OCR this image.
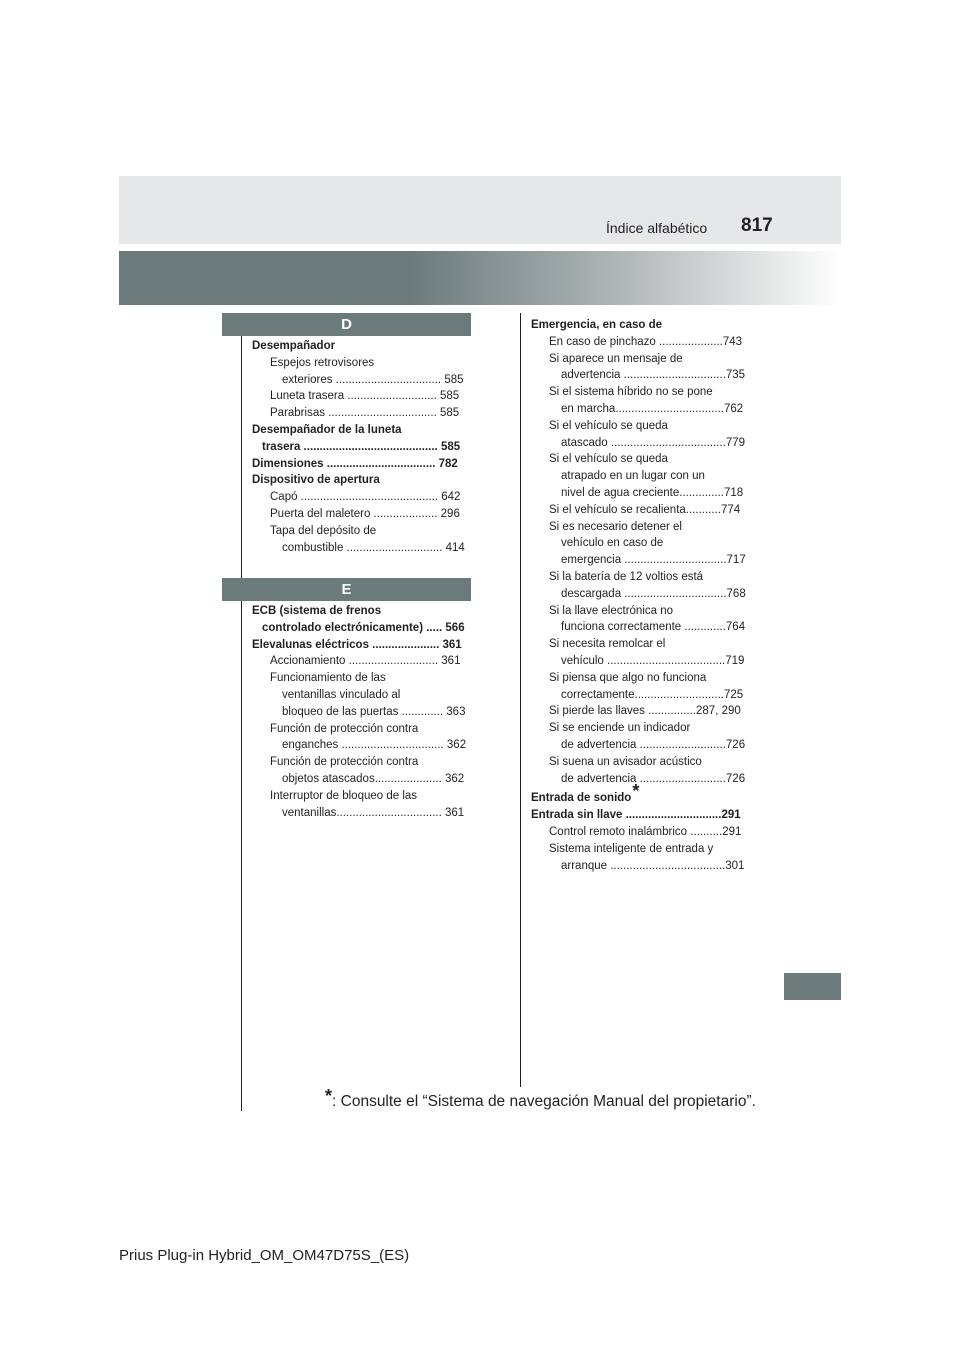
817
Índice alfabético
D
Desempañador
Espejos retrovisores
exteriores ................................. 585
Luneta trasera ............................ 585
Parabrisas .................................. 585
Desempañador de la luneta
trasera .......................................... 585
Dimensiones .................................. 782
Dispositivo de apertura
Capó ........................................... 642
Puerta del maletero .................... 296
Tapa del depósito de
combustible .............................. 414
E
ECB (sistema de frenos
controlado electrónicamente) ..... 566
Elevalunas eléctricos ..................... 361
Accionamiento ............................ 361
Funcionamiento de las
ventanillas vinculado al
bloqueo de las puertas ............. 363
Función de protección contra
enganches ................................ 362
Función de protección contra
objetos atascados..................... 362
Interruptor de bloqueo de las
ventanillas................................. 361
Emergencia, en caso de
En caso de pinchazo ....................743
Si aparece un mensaje de
advertencia ................................735
Si el sistema híbrido no se pone
en marcha..................................762
Si el vehículo se queda
atascado ....................................779
Si el vehículo se queda
atrapado en un lugar con un
nivel de agua creciente..............718
Si el vehículo se recalienta...........774
Si es necesario detener el
vehículo en caso de
emergencia ................................717
Si la batería de 12 voltios está
descargada ................................768
Si la llave electrónica no
funciona correctamente .............764
Si necesita remolcar el
vehículo .....................................719
Si piensa que algo no funciona
correctamente............................725
Si pierde las llaves ...............287, 290
Si se enciende un indicador
de advertencia ...........................726
Si suena un avisador acústico
de advertencia ...........................726
Entrada de sonido*
Entrada sin llave ..............................291
Control remoto inalámbrico ..........291
Sistema inteligente de entrada y
arranque ....................................301
*: Consulte el “Sistema de navegación Manual del propietario”.
Prius Plug-in Hybrid_OM_OM47D75S_(ES)
